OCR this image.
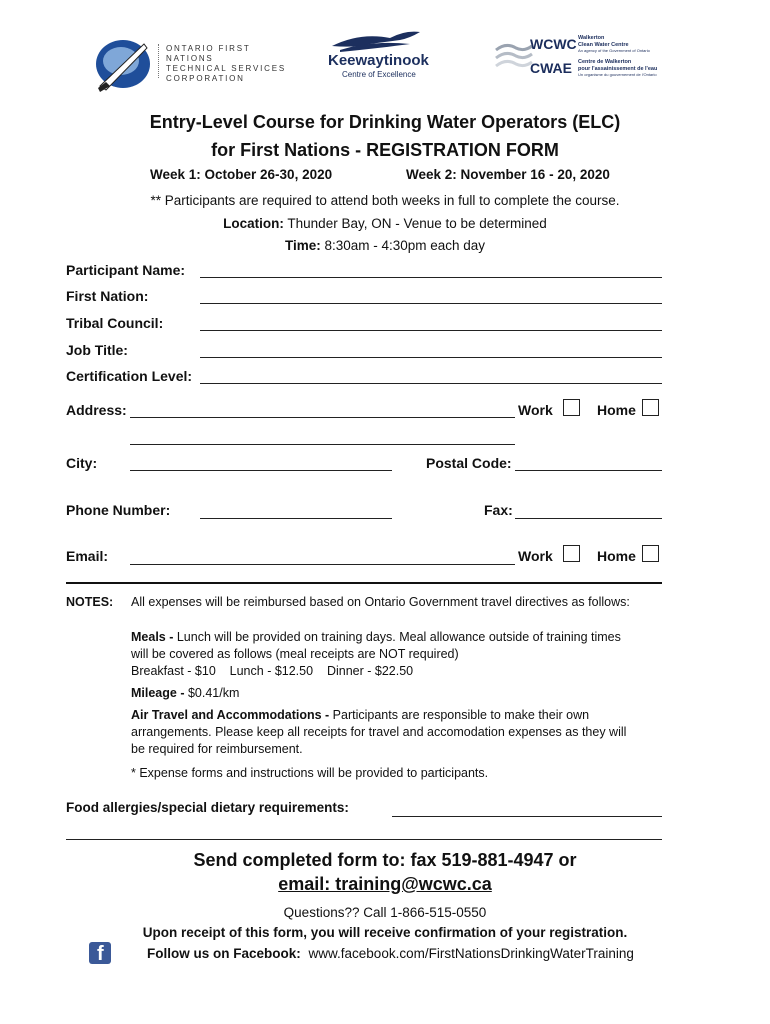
ONTARIO FIRST NATIONS
TECHNICAL SERVICES
CORPORATION
Keewaytinook
Centre of Excellence
WCWC Walkerton
Clean Water Centre
An agency of the Government of Ontario
CWAE Centre de Walkerton
pour l'assainissement de l'eau
Un organisme du gouvernement de l'Ontario
Entry-Level Course for Drinking Water Operators (ELC)
for First Nations - REGISTRATION FORM
Week 1: October 26-30, 2020	Week 2: November 16 - 20, 2020
** Participants are required to attend both weeks in full to complete the course.
Location: Thunder Bay, ON - Venue to be determined
Time: 8:30am - 4:30pm each day
Participant Name:
First Nation:
Tribal Council:
Job Title:
Certification Level:
Address:	Work	Home
City:	Postal Code:
Phone Number:	Fax:
Email:	Work	Home
NOTES: All expenses will be reimbursed based on Ontario Government travel directives as follows:
Meals - Lunch will be provided on training days. Meal allowance outside of training times
will be covered as follows (meal receipts are NOT required)
Breakfast - $10    Lunch - $12.50    Dinner - $22.50
Mileage - $0.41/km
Air Travel and Accommodations - Participants are responsible to make their own
arrangements. Please keep all receipts for travel and accomodation expenses as they will
be required for reimbursement.
* Expense forms and instructions will be provided to participants.
Food allergies/special dietary requirements:
Send completed form to: fax 519-881-4947 or
email: training@wcwc.ca
Questions?? Call 1-866-515-0550
Upon receipt of this form, you will receive confirmation of your registration.
f	Follow us on Facebook: www.facebook.com/FirstNationsDrinkingWaterTraining
